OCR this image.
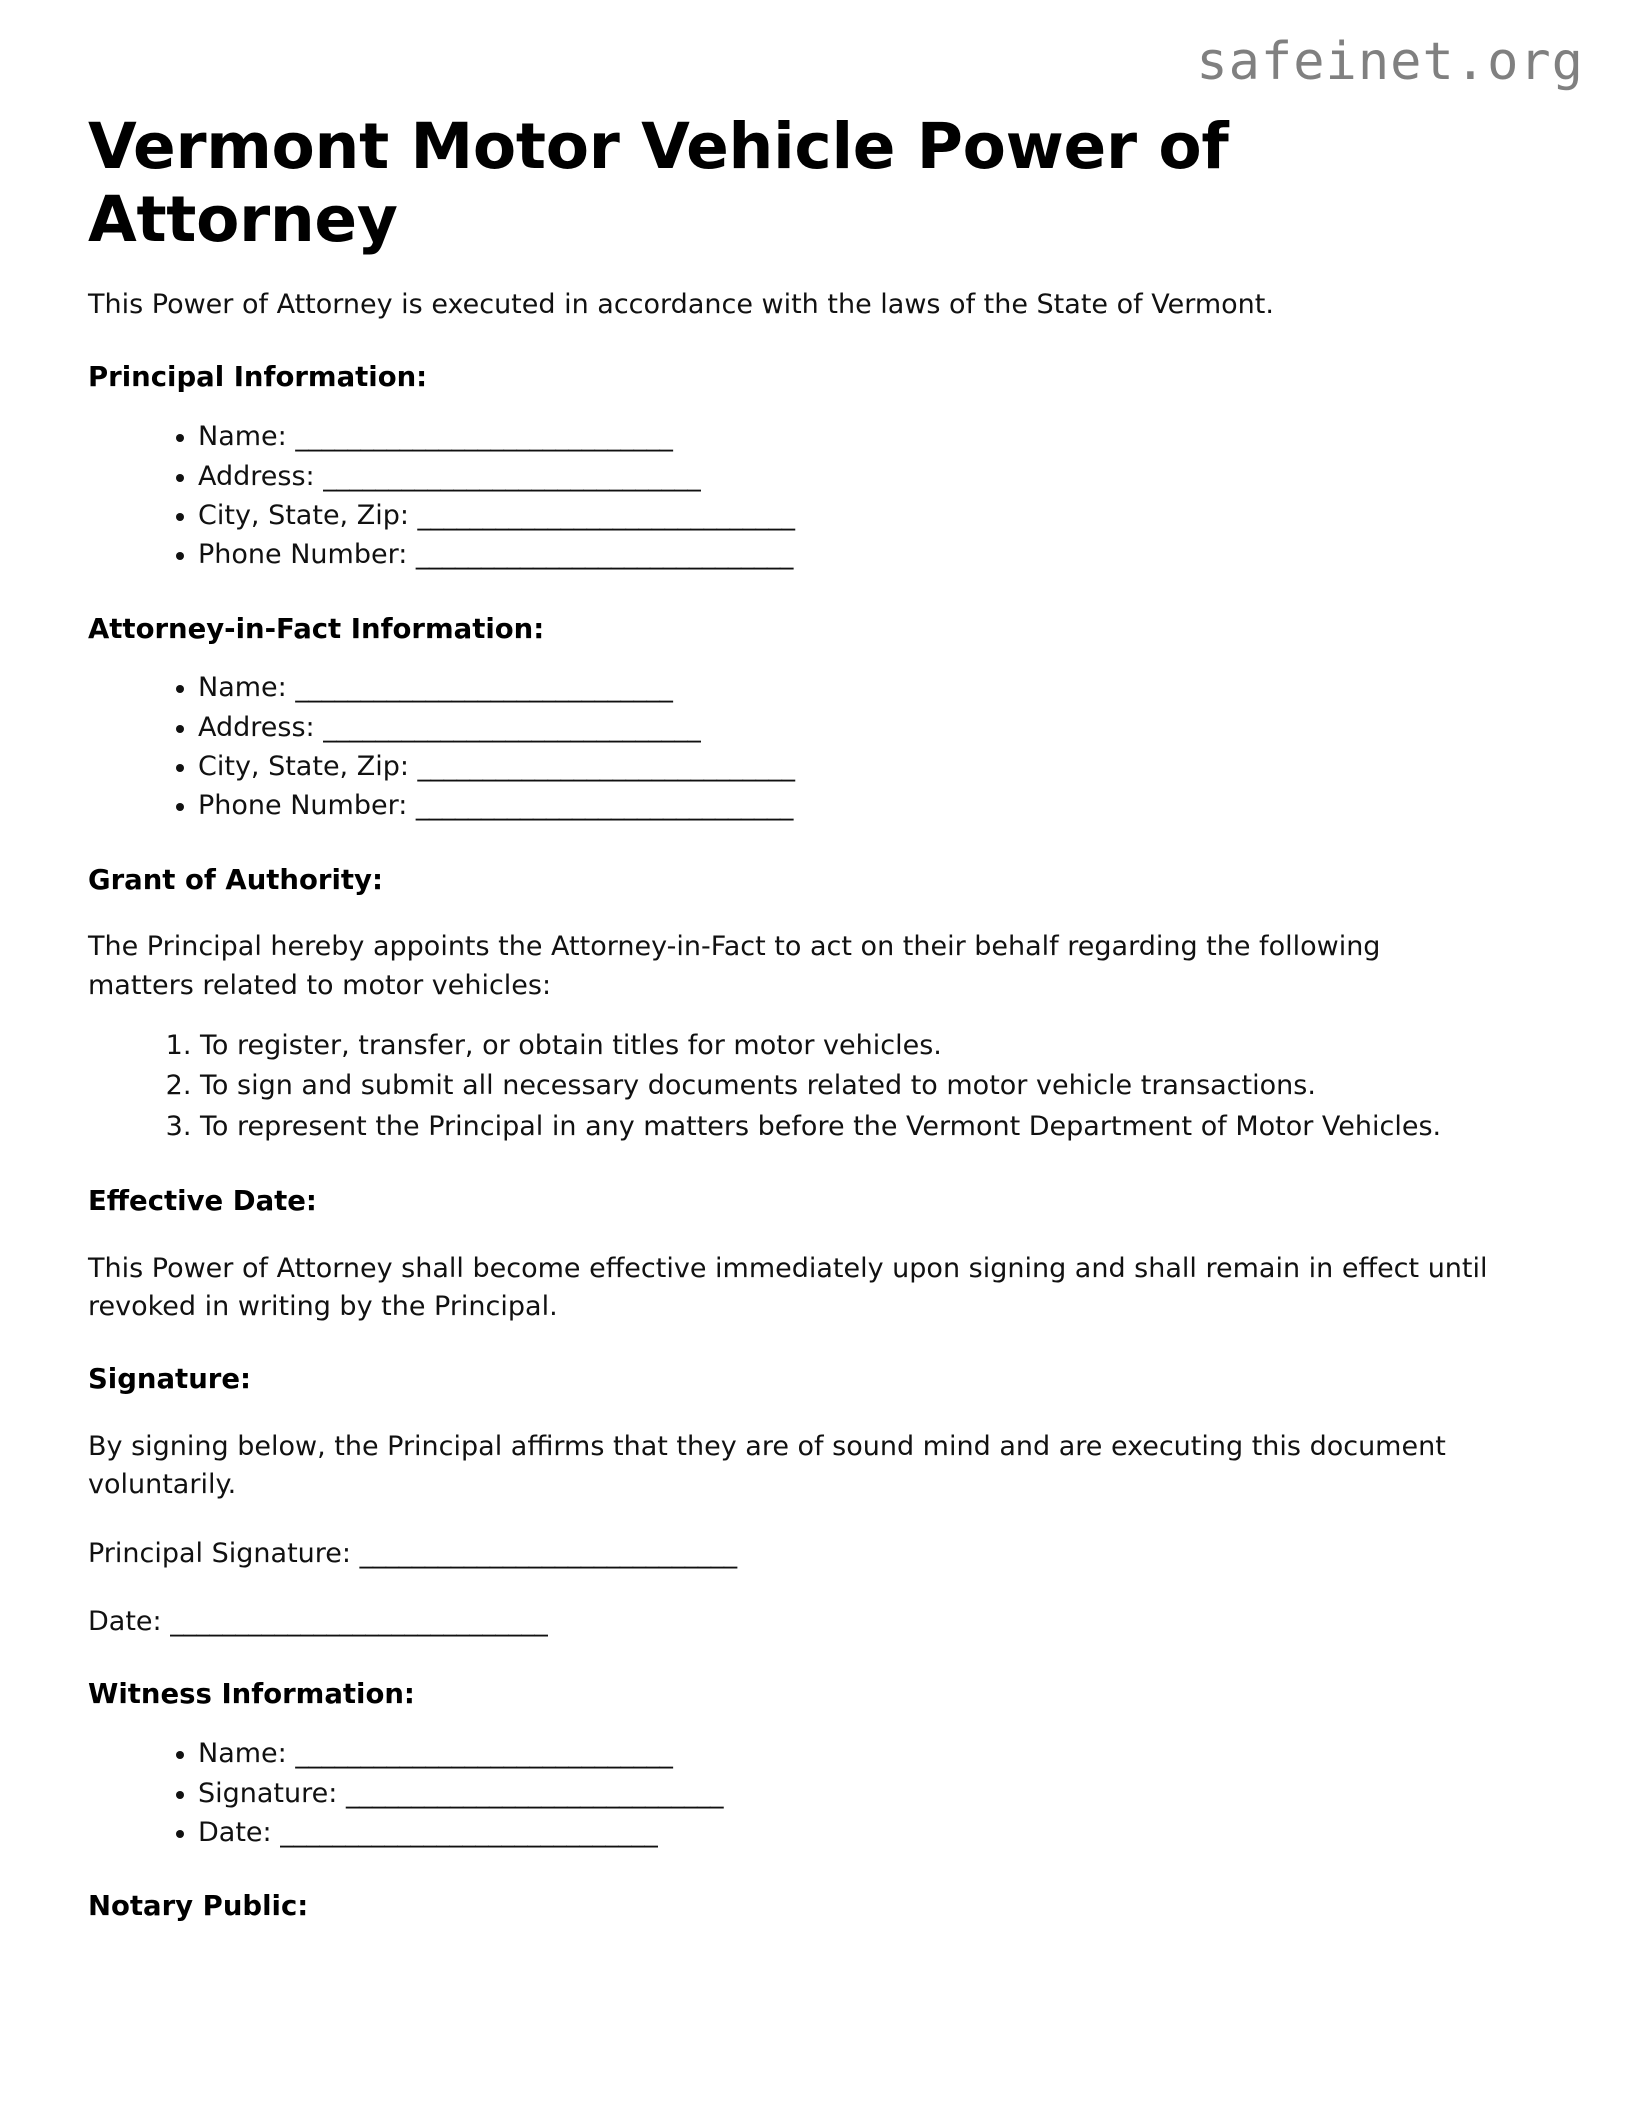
safeinet.org
Vermont Motor Vehicle Power of Attorney

This Power of Attorney is executed in accordance with the laws of the State of Vermont.

Principal Information:
• Name: _____________________________
• Address: _____________________________
• City, State, Zip: _____________________________
• Phone Number: _____________________________
Attorney-in-Fact Information:
• Name: _____________________________
• Address: _____________________________
• City, State, Zip: _____________________________
• Phone Number: _____________________________
Grant of Authority:

The Principal hereby appoints the Attorney-in-Fact to act on their behalf regarding the following matters related to motor vehicles:

1. To register, transfer, or obtain titles for motor vehicles.
2. To sign and submit all necessary documents related to motor vehicle transactions.
3. To represent the Principal in any matters before the Vermont Department of Motor Vehicles.
Effective Date:

This Power of Attorney shall become effective immediately upon signing and shall remain in effect until revoked in writing by the Principal.

Signature:

By signing below, the Principal affirms that they are of sound mind and are executing this document voluntarily.

Principal Signature: _____________________________

Date: _____________________________

Witness Information:
• Name: _____________________________
• Signature: _____________________________
• Date: _____________________________
Notary Public:
